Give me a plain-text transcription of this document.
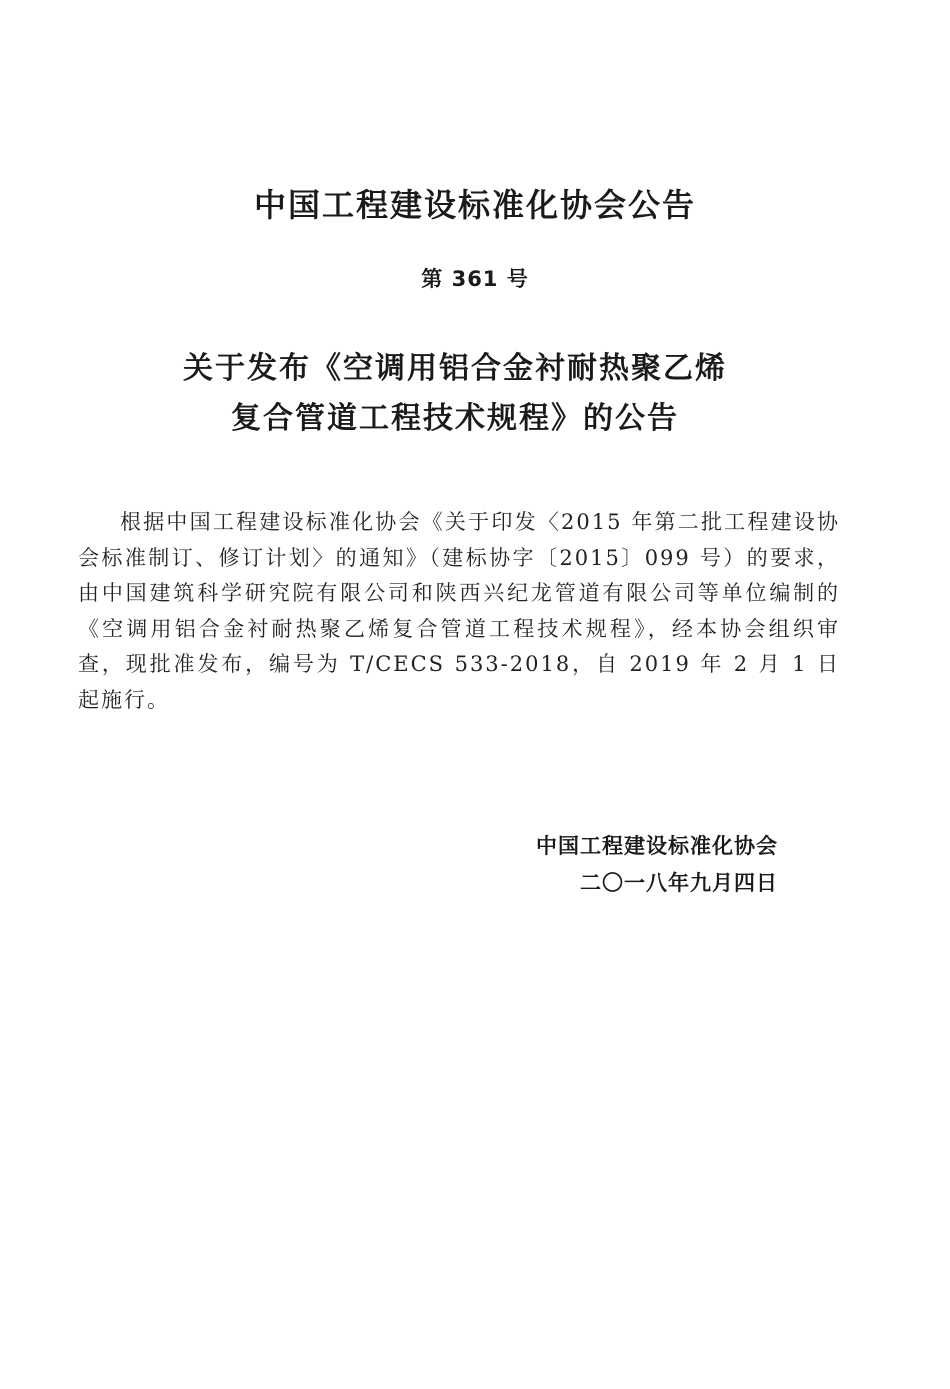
中国工程建设标准化协会公告
第 361 号
关于发布《空调用铝合金衬耐热聚乙烯
复合管道工程技术规程》的公告

根据中国工程建设标准化协会《关于印发〈2015 年第二批工程建设协会标准制订、修订计划〉的通知》（建标协字〔2015〕099 号）的要求，由中国建筑科学研究院有限公司和陕西兴纪龙管道有限公司等单位编制的《空调用铝合金衬耐热聚乙烯复合管道工程技术规程》，经本协会组织审查，现批准发布，编号为 T/CECS 533-2018，自 2019 年 2 月 1 日起施行。

中国工程建设标准化协会
二〇一八年九月四日
